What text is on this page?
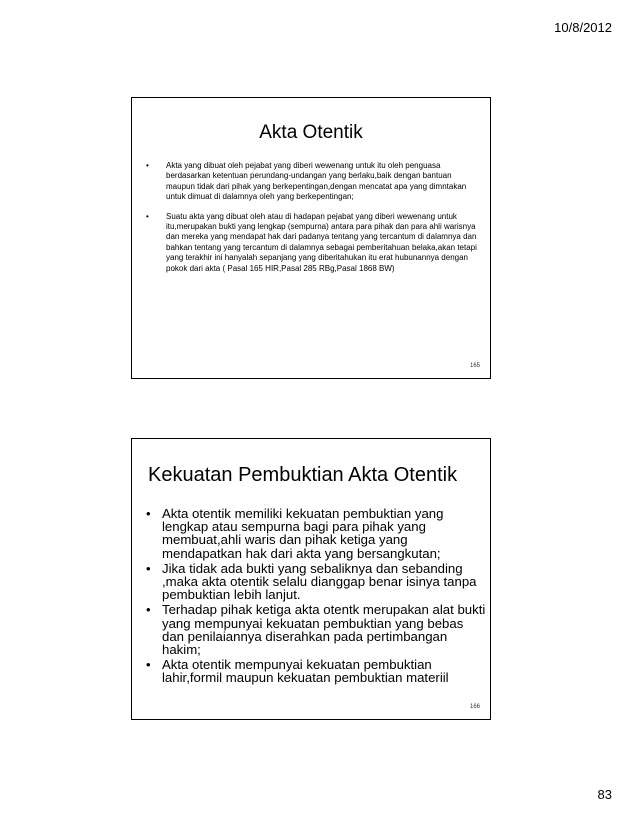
10/8/2012
Akta Otentik
• Akta yang dibuat oleh pejabat yang diberi wewenang untuk itu oleh penguasa berdasarkan ketentuan perundang-undangan yang berlaku,baik dengan bantuan maupun tidak dari pihak yang berkepentingan,dengan mencatat apa yang dimntakan untuk dimuat di dalamnya oleh yang berkepentingan;
• Suatu akta yang dibuat oleh atau di hadapan pejabat yang diberi wewenang untuk itu,merupakan bukti yang lengkap (sempurna) antara para pihak dan para ahli warisnya dan mereka yang mendapat hak dari padanya tentang yang tercantum di dalamnya dan bahkan tentang yang tercantum di dalamnya sebagai pemberitahuan belaka,akan tetapi yang terakhir ini hanyalah sepanjang yang diberitahukan itu erat hubunannya dengan pokok dari akta ( Pasal 165 HIR,Pasal 285 RBg,Pasal 1868 BW)
165
Kekuatan Pembuktian Akta Otentik
• Akta otentik memiliki kekuatan pembuktian yang lengkap atau sempurna bagi para pihak yang membuat,ahli waris dan pihak ketiga yang mendapatkan hak dari akta yang bersangkutan;
• Jika tidak ada bukti yang sebaliknya dan sebanding ,maka akta otentik selalu dianggap benar isinya tanpa pembuktian lebih lanjut.
• Terhadap pihak ketiga akta otentk merupakan alat bukti yang mempunyai kekuatan pembuktian yang bebas dan penilaiannya diserahkan pada pertimbangan hakim;
• Akta otentik mempunyai kekuatan pembuktian lahir,formil maupun kekuatan pembuktian materiil
166
83
